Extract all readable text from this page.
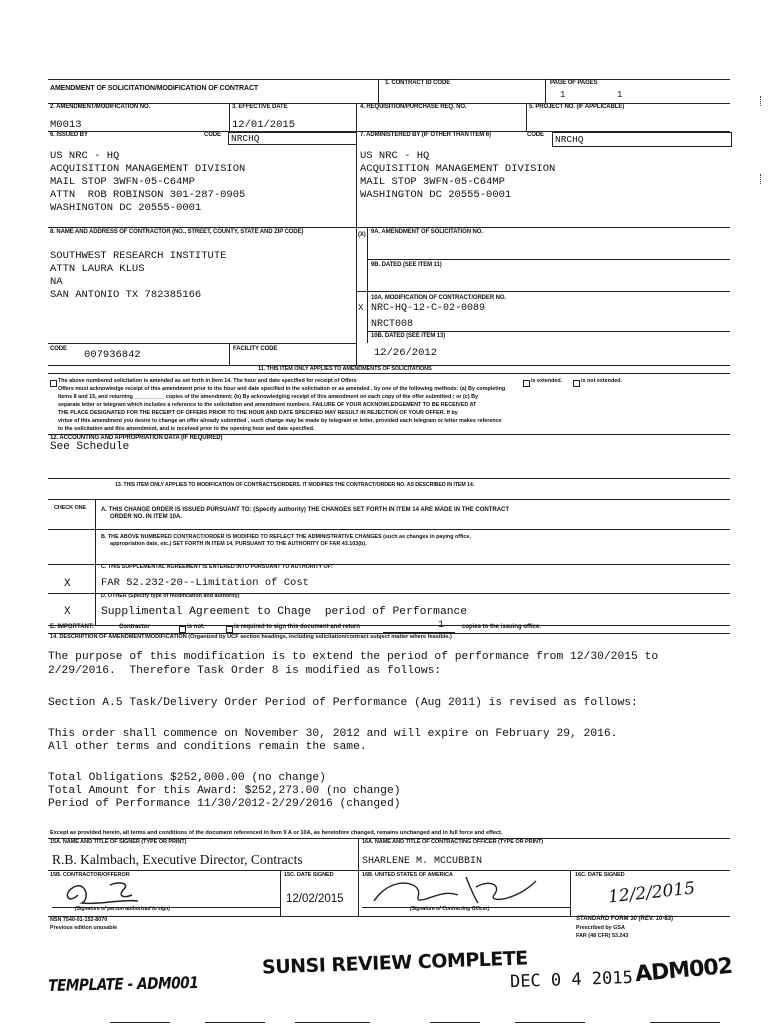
AMENDMENT OF SOLICITATION/MODIFICATION OF CONTRACT
1. CONTRACT ID CODE	PAGE OF PAGES
1	1
2. AMENDMENT/MODIFICATION NO.
M0013
3. EFFECTIVE DATE
12/01/2015
4. REQUISITION/PURCHASE REQ. NO.	5. PROJECT NO. (IF APPLICABLE)
6. ISSUED BY	CODE NRCHQ
US NRC - HQ
ACQUISITION MANAGEMENT DIVISION
MAIL STOP 3WFN-05-C64MP
ATTN  ROB ROBINSON 301-287-0905
WASHINGTON DC 20555-0001
7. ADMINISTERED BY (IF OTHER THAN ITEM 6)	CODE NRCHQ
US NRC - HQ
ACQUISITION MANAGEMENT DIVISION
MAIL STOP 3WFN-05-C64MP
WASHINGTON DC 20555-0001
8. NAME AND ADDRESS OF CONTRACTOR (NO., STREET, COUNTY, STATE AND ZIP CODE)
SOUTHWEST RESEARCH INSTITUTE
ATTN LAURA KLUS
NA
SAN ANTONIO TX 782385166
(X) 9A. AMENDMENT OF SOLICITATION NO.
9B. DATED (SEE ITEM 11)
10A. MODIFICATION OF CONTRACT/ORDER NO.
X NRC-HQ-12-C-02-0089
NRCT008
10B. DATED (SEE ITEM 13)
12/26/2012
CODE 007936842	FACILITY CODE
11. THIS ITEM ONLY APPLIES TO AMENDMENTS OF SOLICITATIONS
The above numbered solicitation is amended as set forth in Item 14. The hour and date specified for receipt of Offers	is extended.	is not extended.
Offers must acknowledge receipt of this amendment prior to the hour and date specified in the solicitation or as amended , by one of the following methods: (a) By completing
Items 8 and 15, and returning __________ copies of the amendment; (b) By acknowledging receipt of this amendment on each copy of the offer submitted ; or (c) By
separate letter or telegram which includes a reference to the solicitation and amendment numbers. FAILURE OF YOUR ACKNOWLEDGEMENT TO BE RECEIVED AT
THE PLACE DESIGNATED FOR THE RECEIPT OF OFFERS PRIOR TO THE HOUR AND DATE SPECIFIED MAY RESULT IN REJECTION OF YOUR OFFER. If by
virtue of this amendment you desire to change an offer already submitted , such change may be made by telegram or letter, provided each telegram or letter makes reference
to the solicitation and this amendment, and is received prior to the opening hour and date specified.
12. ACCOUNTING AND APPROPRIATION DATA (IF REQUIRED)
See Schedule
13. THIS ITEM ONLY APPLIES TO MODIFICATION OF CONTRACTS/ORDERS. IT MODIFIES THE CONTRACT/ORDER NO. AS DESCRIBED IN ITEM 14.
CHECK ONE A. THIS CHANGE ORDER IS ISSUED PURSUANT TO: (Specify authority) THE CHANGES SET FORTH IN ITEM 14 ARE MADE IN THE CONTRACT
ORDER NO. IN ITEM 10A.
B. THE ABOVE NUMBERED CONTRACT/ORDER IS MODIFIED TO REFLECT THE ADMINISTRATIVE CHANGES (such as changes in paying office,
appropriation date, etc.) SET FORTH IN ITEM 14, PURSUANT TO THE AUTHORITY OF FAR 43.103(b).
C. THIS SUPPLEMENTAL AGREEMENT IS ENTERED INTO PURSUANT TO AUTHORITY OF:
X	FAR 52.232-20--Limitation of Cost
D. OTHER (Specify type of modification and authority)
X	Supplimental Agreement to Chage  period of Performance
E. IMPORTANT:	Contractor	is not.	is required to sign this document and return	1	copies to the issuing office.
14. DESCRIPTION OF AMENDMENT/MODIFICATION (Organized by UCF section headings, including solicitation/contract subject matter where feasible.)
The purpose of this modification is to extend the period of performance from 12/30/2015 to
2/29/2016.  Therefore Task Order 8 is modified as follows:
Section A.5 Task/Delivery Order Period of Performance (Aug 2011) is revised as follows:
This order shall commence on November 30, 2012 and will expire on February 29, 2016.
All other terms and conditions remain the same.
Total Obligations $252,000.00 (no change)
Total Amount for this Award: $252,273.00 (no change)
Period of Performance 11/30/2012-2/29/2016 (changed)
Except as provided herein, all terms and conditions of the document referenced in Item 9 A or 10A, as heretofore changed, remains unchanged and in full force and effect.
15A. NAME AND TITLE OF SIGNER (TYPE OR PRINT)
R.B. Kalmbach, Executive Director, Contracts
16A. NAME AND TITLE OF CONTRACTING OFFICER (TYPE OR PRINT)
SHARLENE M. MCCUBBIN
15B. CONTRACTOR/OFFEROR	15C. DATE SIGNED
12/02/2015
16B. UNITED STATES OF AMERICA	16C. DATE SIGNED
(Signature of person authorized to sign)	(Signature of Contracting Officer)
12/2/2015
NSN 7540-01-152-8070
Previous edition unusable
STANDARD FORM 30 (REV. 10-83)
Prescribed by GSA
FAR (48 CFR) 53.243
SUNSI REVIEW COMPLETE
TEMPLATE - ADM001	DEC 0 4 2015 ADM002
